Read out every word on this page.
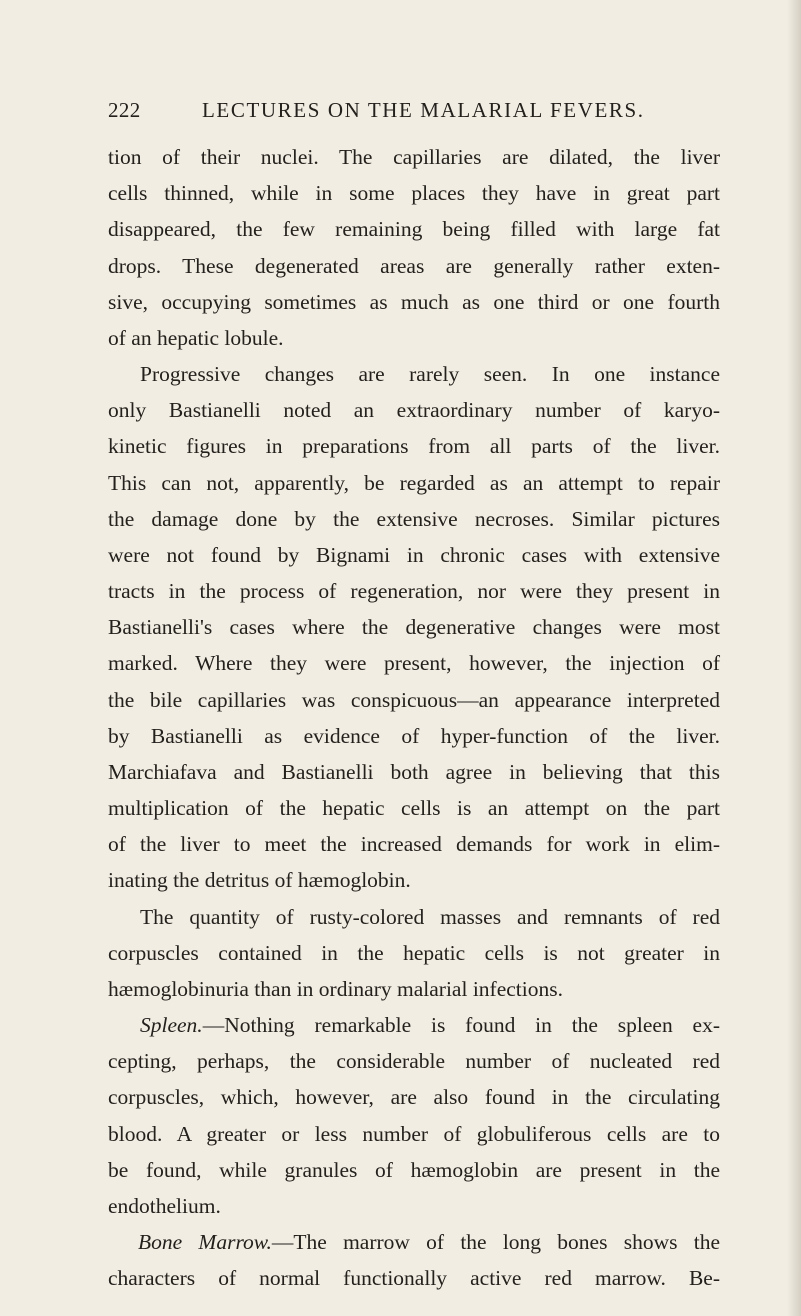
222	LECTURES ON THE MALARIAL FEVERS.
tion of their nuclei. The capillaries are dilated, the liver
cells thinned, while in some places they have in great part
disappeared, the few remaining being filled with large fat
drops. These degenerated areas are generally rather exten-
sive, occupying sometimes as much as one third or one fourth
of an hepatic lobule.
Progressive changes are rarely seen. In one instance
only Bastianelli noted an extraordinary number of karyo-
kinetic figures in preparations from all parts of the liver.
This can not, apparently, be regarded as an attempt to repair
the damage done by the extensive necroses. Similar pictures
were not found by Bignami in chronic cases with extensive
tracts in the process of regeneration, nor were they present in
Bastianelli's cases where the degenerative changes were most
marked. Where they were present, however, the injection of
the bile capillaries was conspicuous—an appearance interpreted
by Bastianelli as evidence of hyper-function of the liver.
Marchiafava and Bastianelli both agree in believing that this
multiplication of the hepatic cells is an attempt on the part
of the liver to meet the increased demands for work in elim-
inating the detritus of hæmoglobin.
The quantity of rusty-colored masses and remnants of red
corpuscles contained in the hepatic cells is not greater in
hæmoglobinuria than in ordinary malarial infections.
Spleen.—Nothing remarkable is found in the spleen ex-
cepting, perhaps, the considerable number of nucleated red
corpuscles, which, however, are also found in the circulating
blood. A greater or less number of globuliferous cells are to
be found, while granules of hæmoglobin are present in the
endothelium.
Bone Marrow.—The marrow of the long bones shows the
characters of normal functionally active red marrow. Be-
